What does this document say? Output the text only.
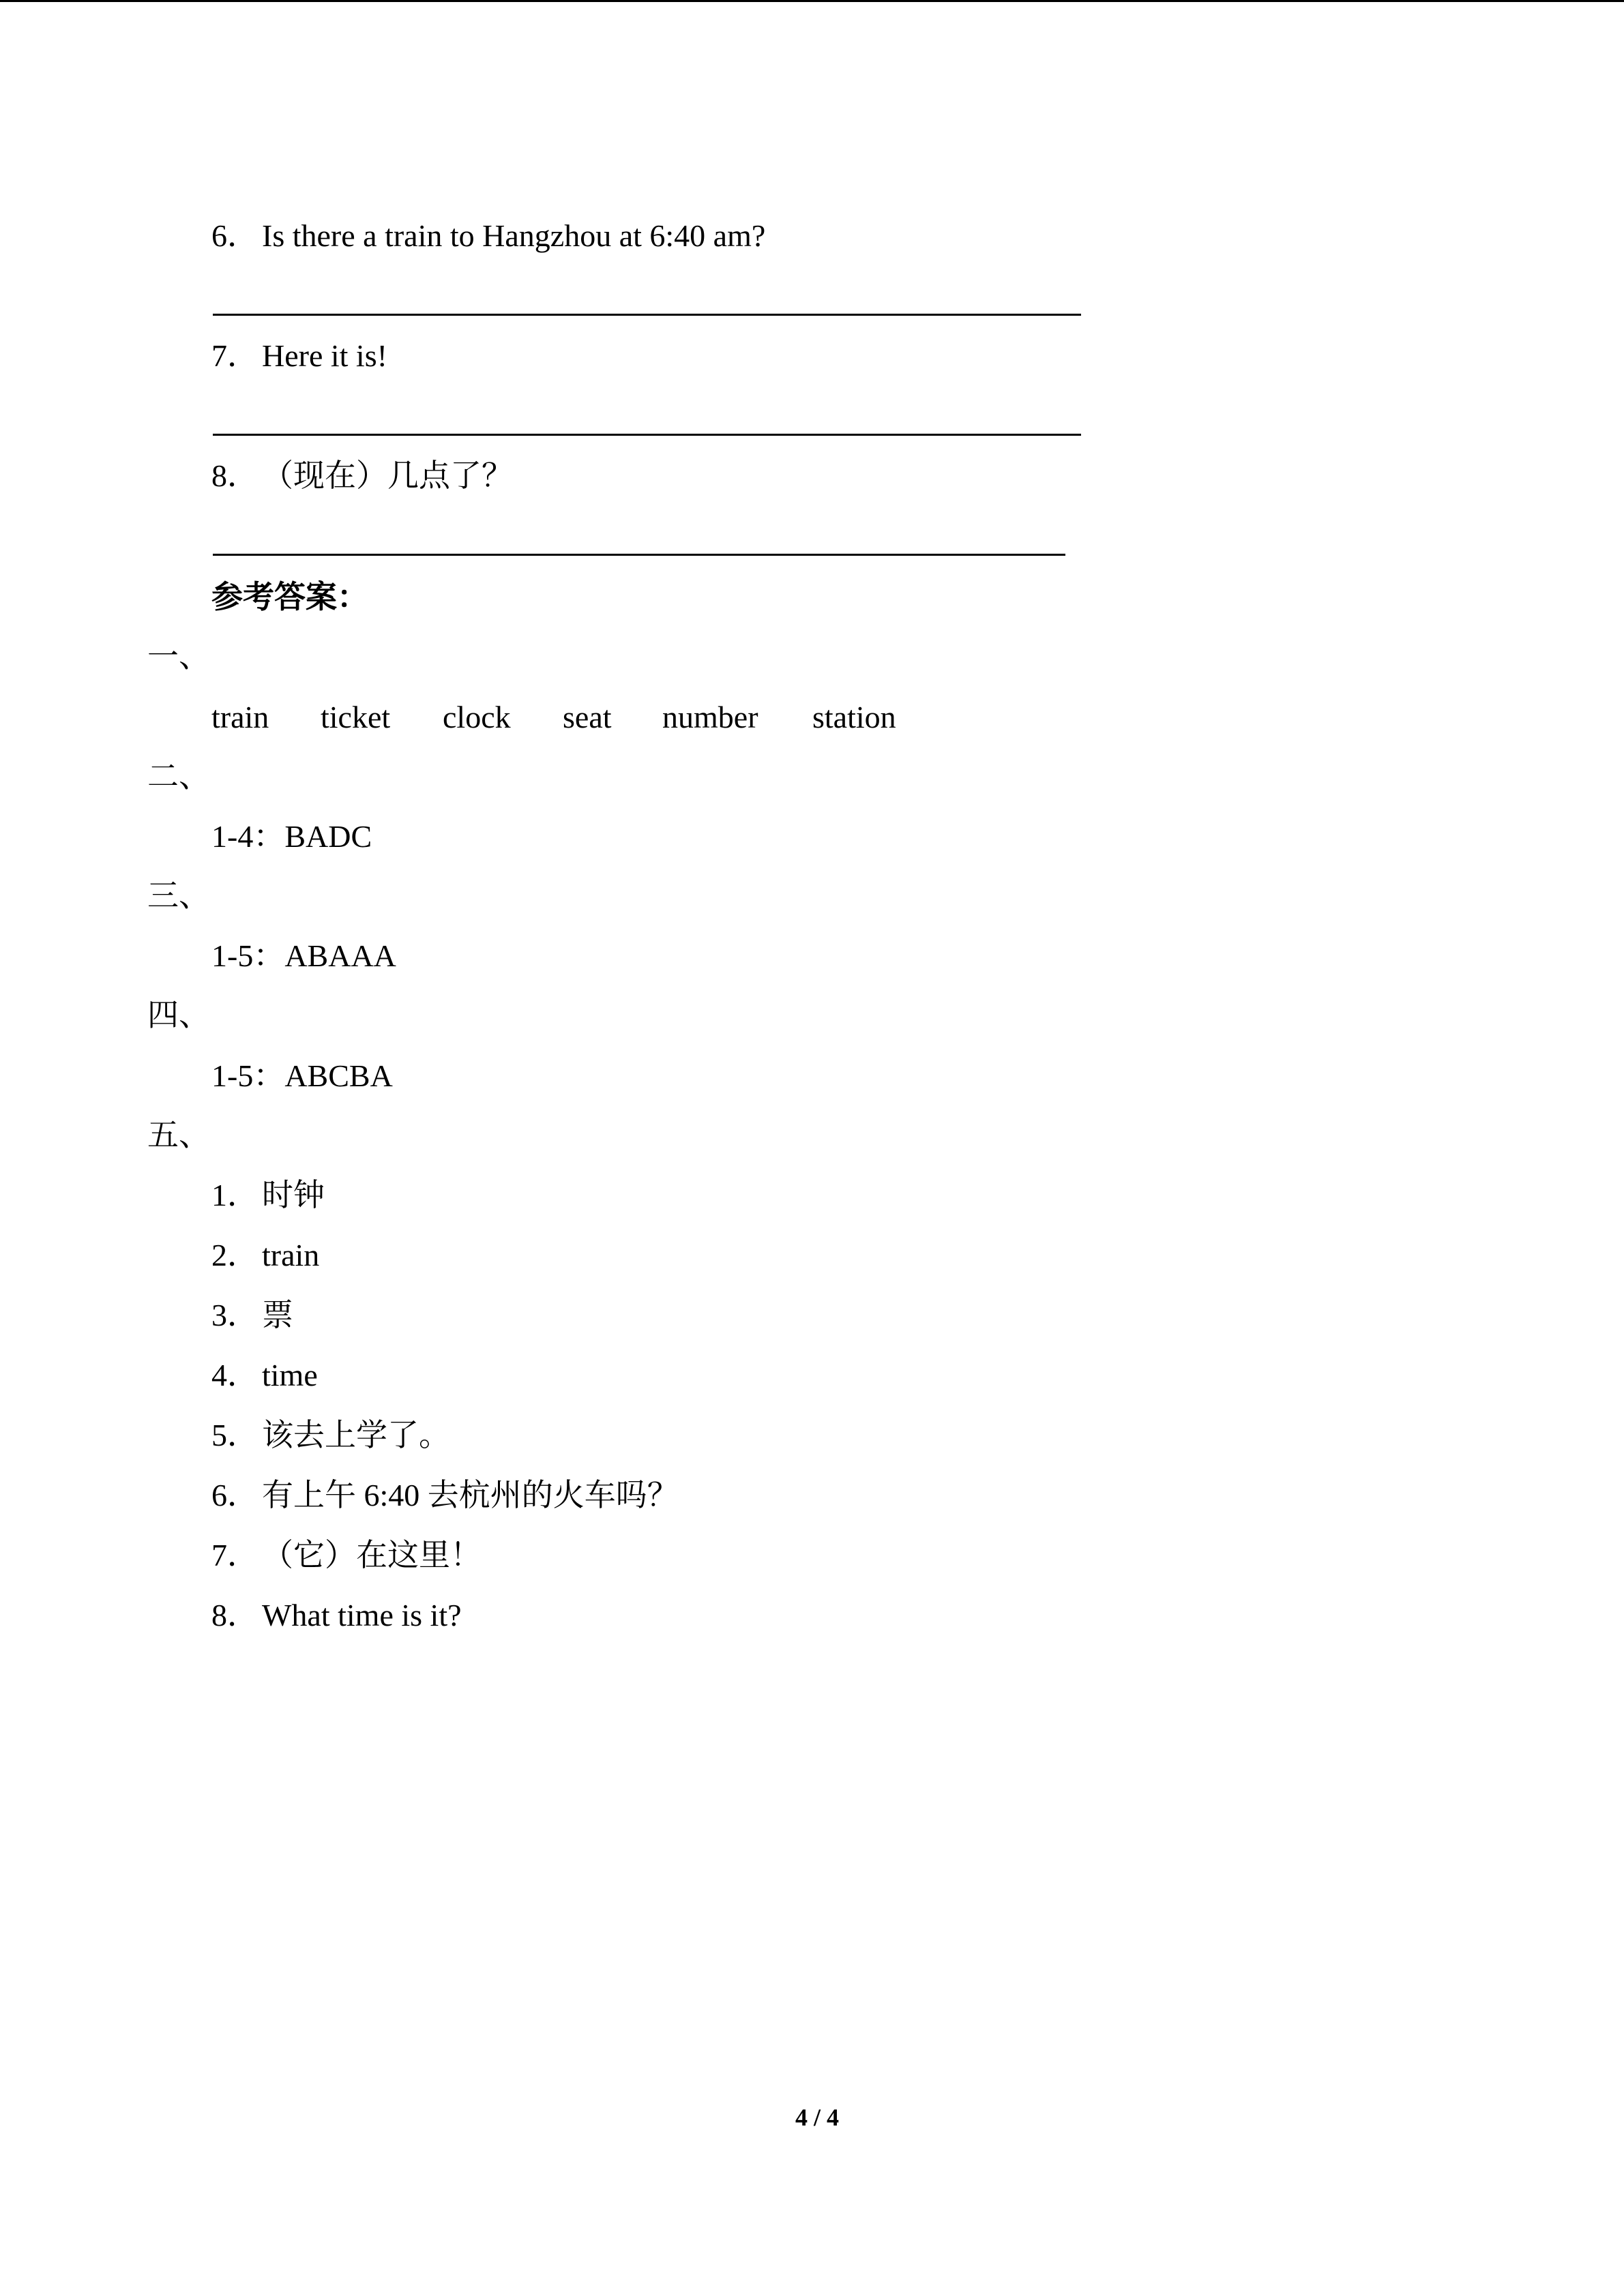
6． Is there a train to Hangzhou at 6:40 am?
7． Here it is!
8． （现在）几点了？
参考答案：
一、
train ticket clock seat number station
二、
1-4：BADC
三、
1-5：ABAAA
四、
1-5：ABCBA
五、
1． 时钟
2． train
3． 票
4． time
5． 该去上学了。
6． 有上午 6:40 去杭州的火车吗？
7． （它）在这里！
8． What time is it?
4 / 4
